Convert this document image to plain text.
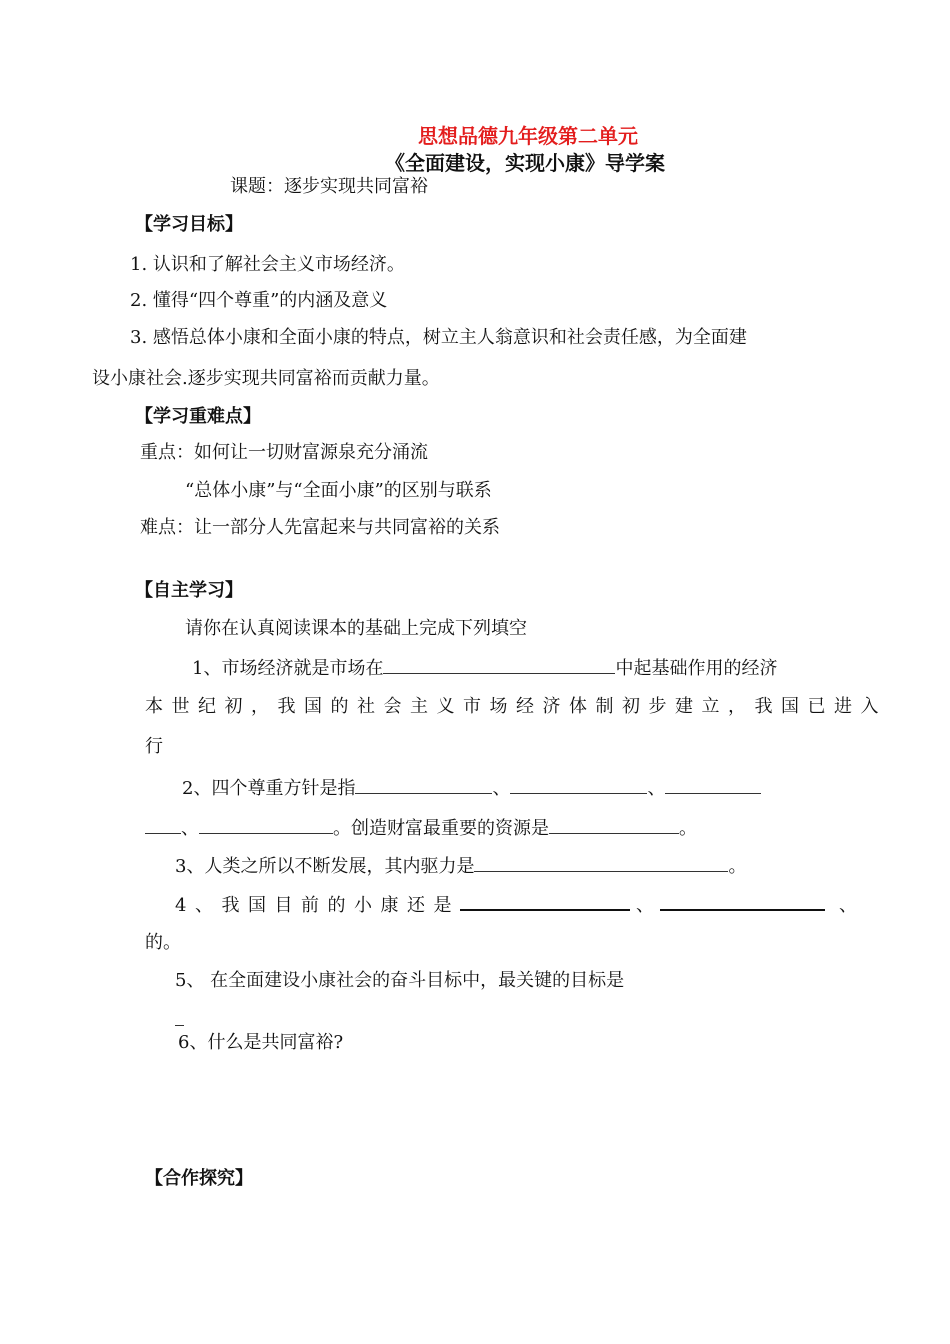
思想品德九年级第二单元
《全面建设，实现小康》导学案
课题：逐步实现共同富裕
【学习目标】
1. 认识和了解社会主义市场经济。
2. 懂得“四个尊重”的内涵及意义
3. 感悟总体小康和全面小康的特点，树立主人翁意识和社会责任感，为全面建
设小康社会.逐步实现共同富裕而贡献力量。
【学习重难点】
重点：如何让一切财富源泉充分涌流
“总体小康”与“全面小康”的区别与联系
难点：让一部分人先富起来与共同富裕的关系
【自主学习】
请你在认真阅读课本的基础上完成下列填空
1、市场经济就是市场在	中起基础作用的经济
本世纪初，我国的社会主义市场经济体制初步建立，我国已进入
行
2、四个尊重方针是指	、	、
、	。创造财富最重要的资源是	。
3、人类之所以不断发展，其内驱力是	。
4、我国目前的小康还是	、	、
的。
5、 在全面建设小康社会的奋斗目标中，最关键的目标是
6、什么是共同富裕?
【合作探究】
